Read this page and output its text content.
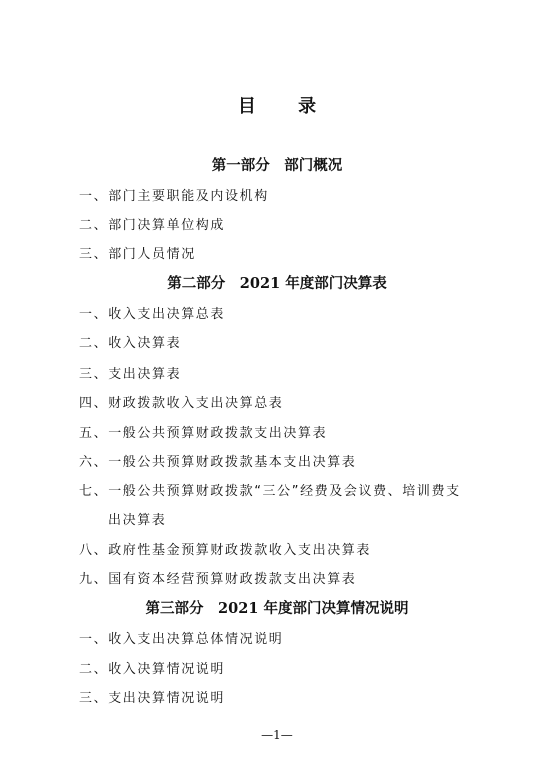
目 录
第一部分　部门概况
一、部门主要职能及内设机构
二、部门决算单位构成
三、部门人员情况
第二部分　2021 年度部门决算表
一、收入支出决算总表
二、收入决算表
三、支出决算表
四、财政拨款收入支出决算总表
五、一般公共预算财政拨款支出决算表
六、一般公共预算财政拨款基本支出决算表
七、一般公共预算财政拨款“三公”经费及会议费、培训费支
出决算表
八、政府性基金预算财政拨款收入支出决算表
九、国有资本经营预算财政拨款支出决算表
第三部分　2021 年度部门决算情况说明
一、收入支出决算总体情况说明
二、收入决算情况说明
三、支出决算情况说明
—1—
